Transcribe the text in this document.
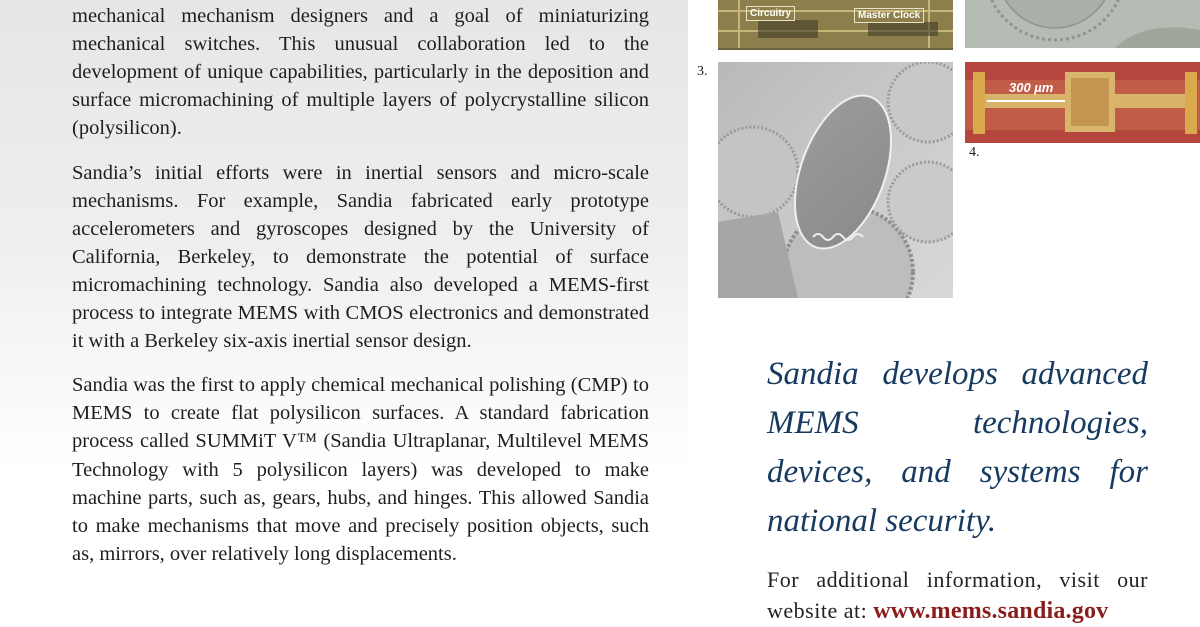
mechanical mechanism designers and a goal of miniaturizing mechanical switches. This unusual collaboration led to the development of unique capabilities, particularly in the deposition and surface micromachining of multiple layers of polycrystalline silicon (polysilicon).

Sandia’s initial efforts were in inertial sensors and micro-scale mechanisms. For example, Sandia fabricated early prototype accelerometers and gyroscopes designed by the University of California, Berkeley, to demonstrate the potential of surface micromachining technology. Sandia also developed a MEMS-first process to integrate MEMS with CMOS electronics and demonstrated it with a Berkeley six-axis inertial sensor design.

Sandia was the first to apply chemical mechanical polishing (CMP) to MEMS to create flat polysilicon surfaces. A standard fabrication process called SUMMiT V™ (Sandia Ultraplanar, Multilevel MEMS Technology with 5 polysilicon layers) was developed to make machine parts, such as, gears, hubs, and hinges. This allowed Sandia to make mechanisms that move and precisely position objects, such as, mirrors, over relatively long displacements.

Circuitry	Master Clock
3.
300 µm
4.
Sandia develops advanced MEMS technologies, devices, and systems for national security.
For additional information, visit our website at: www.mems.sandia.gov
